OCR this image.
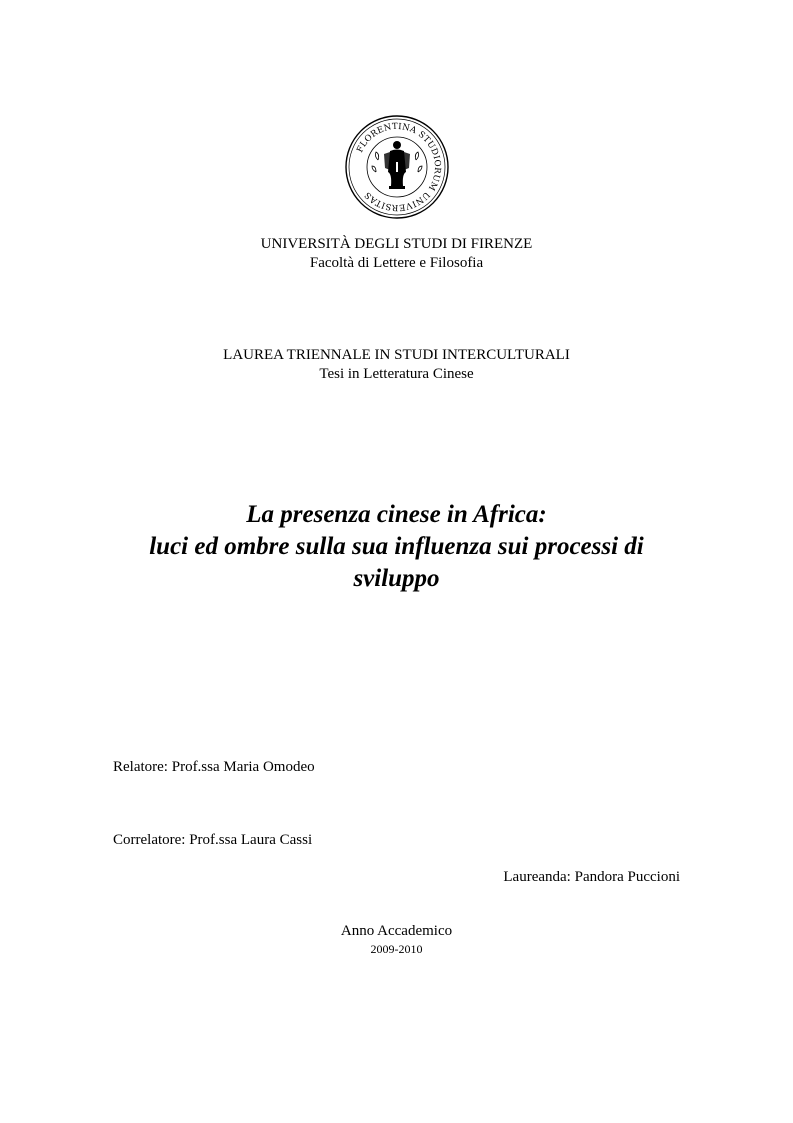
FLORENTINA STUDIORUM UNIVERSITAS
UNIVERSITÀ DEGLI STUDI DI FIRENZE
Facoltà di Lettere e Filosofia
LAUREA TRIENNALE IN STUDI INTERCULTURALI
Tesi in Letteratura Cinese
La presenza cinese in Africa:
luci ed ombre sulla sua influenza sui processi di
sviluppo
Relatore: Prof.ssa Maria Omodeo
Correlatore: Prof.ssa Laura Cassi
Laureanda: Pandora Puccioni
Anno Accademico
2009-2010
